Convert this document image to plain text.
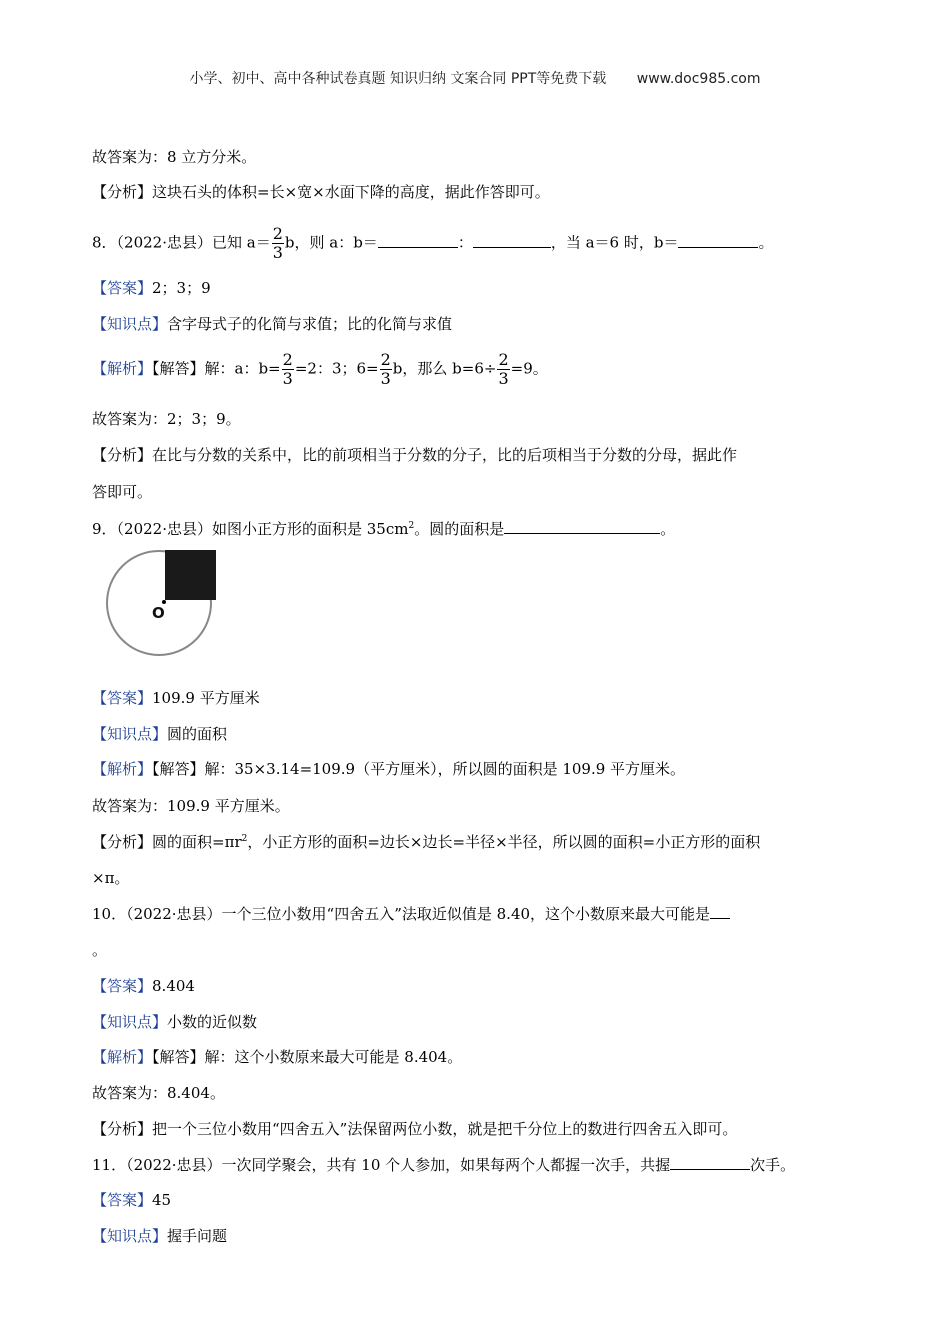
小学、初中、高中各种试卷真题 知识归纳 文案合同 PPT等免费下载 www.doc985.com
故答案为：8 立方分米。
【分析】这块石头的体积=长×宽×水面下降的高度，据此作答即可。
8．（2022·忠县）已知 $a= \frac{2}{3}$ b，则 a：b＝	：	，当 a＝6 时，b＝	。
【答案】2；3；9
【知识点】含字母式子的化简与求值；比的化简与求值
【解析】【解答】解：a：$b= \frac{2}{3} =2$：3；$6= \frac{2}{3}$ b，那么 $b=6\div \frac{2}{3} =9$。
故答案为：2；3；9。
【分析】在比与分数的关系中，比的前项相当于分数的分子，比的后项相当于分数的分母，据此作
答即可。
9．（2022·忠县）如图小正方形的面积是 $35cm^2$。圆的面积是	。
O
【答案】109.9 平方厘米
【知识点】圆的面积
【解析】【解答】解：35×3.14=109.9（平方厘米），所以圆的面积是 109.9 平方厘米。
故答案为：109.9 平方厘米。
【分析】圆的面积$=\pi r^2$，小正方形的面积=边长×边长=半径×半径，所以圆的面积=小正方形的面积
×π。
10．（2022·忠县）一个三位小数用“四舍五入”法取近似值是 8.40，这个小数原来最大可能是
。
【答案】8.404
【知识点】小数的近似数
【解析】【解答】解：这个小数原来最大可能是 8.404。
故答案为：8.404。
【分析】把一个三位小数用“四舍五入”法保留两位小数，就是把千分位上的数进行四舍五入即可。
11．（2022·忠县）一次同学聚会，共有 10 个人参加，如果每两个人都握一次手，共握	次手。
【答案】45
【知识点】握手问题
